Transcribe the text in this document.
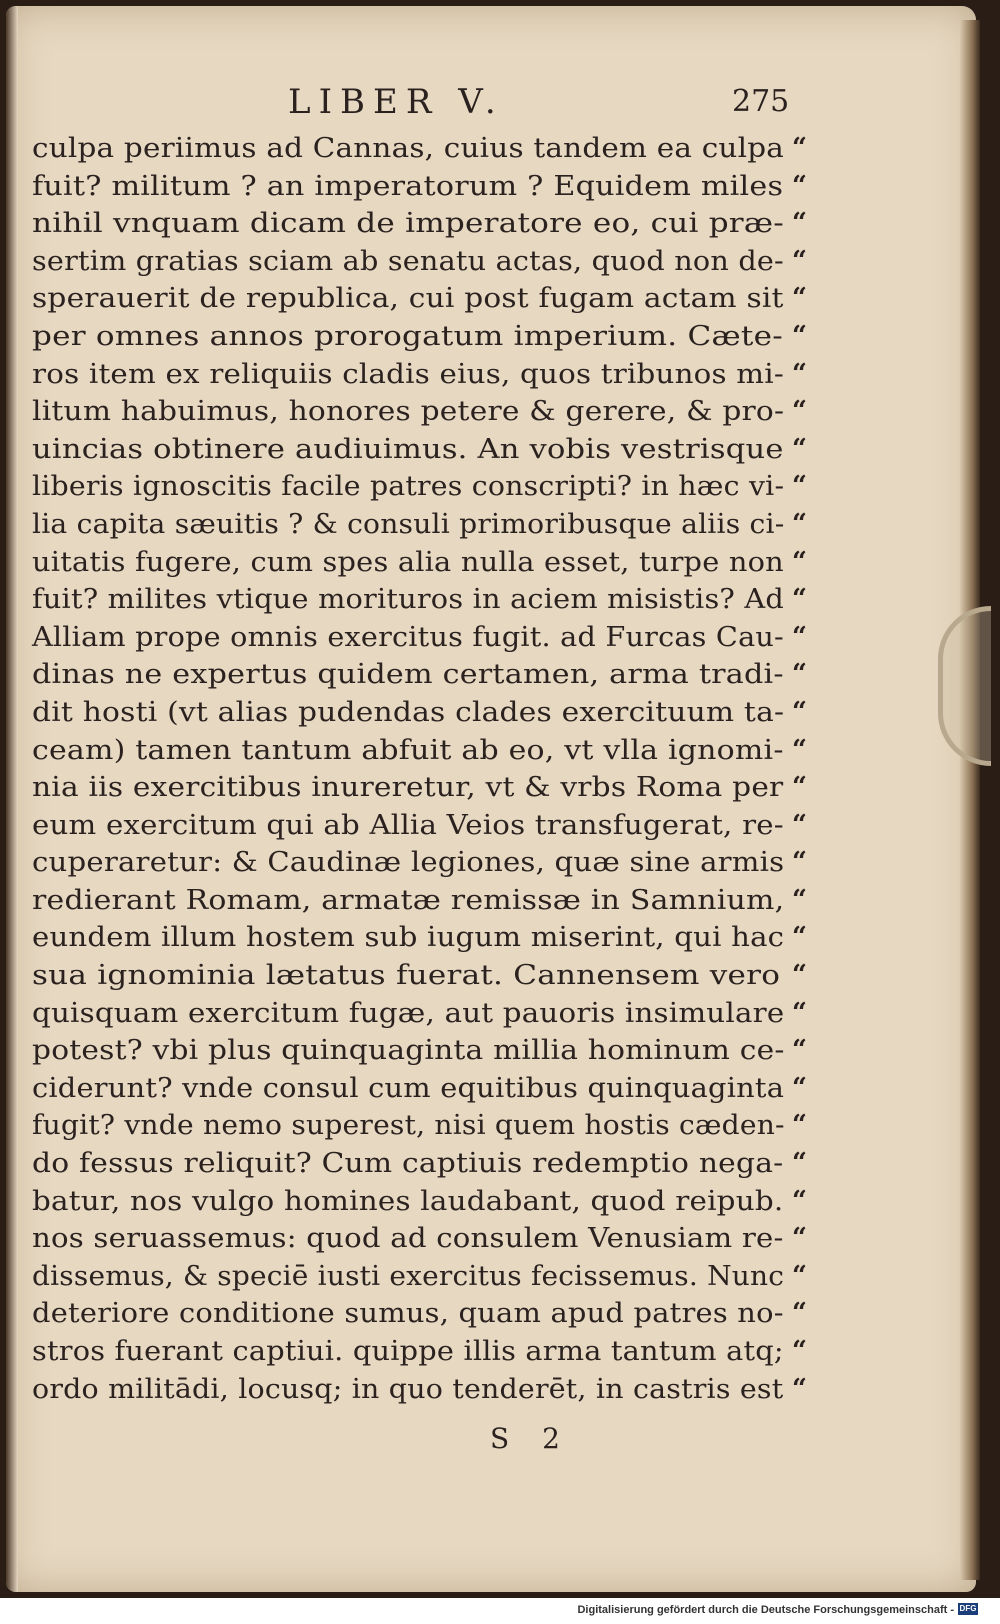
LIBER V.	275
culpa periimus ad Cannas, cuius tandem ea culpa “
fuit? militum ? an imperatorum ? Equidem miles “
nihil vnquam dicam de imperatore eo, cui præ- “
sertim gratias sciam ab senatu actas, quod non de- “
sperauerit de republica, cui post fugam actam sit “
per omnes annos prorogatum imperium. Cæte- “
ros item ex reliquiis cladis eius, quos tribunos mi- “
litum habuimus, honores petere & gerere, & pro- “
uincias obtinere audiuimus. An vobis vestrisque “
liberis ignoscitis facile patres conscripti? in hæc vi- “
lia capita sæuitis ? & consuli primoribusque aliis ci- “
uitatis fugere, cum spes alia nulla esset, turpe non “
fuit? milites vtique morituros in aciem misistis? Ad “
Alliam prope omnis exercitus fugit. ad Furcas Cau- “
dinas ne expertus quidem certamen, arma tradi- “
dit hosti (vt alias pudendas clades exercituum ta- “
ceam) tamen tantum abfuit ab eo, vt vlla ignomi- “
nia iis exercitibus inureretur, vt & vrbs Roma per “
eum exercitum qui ab Allia Veios transfugerat, re- “
cuperaretur: & Caudinæ legiones, quæ sine armis “
redierant Romam, armatæ remissæ in Samnium, “
eundem illum hostem sub iugum miserint, qui hac “
sua ignominia lætatus fuerat. Cannensem vero “
quisquam exercitum fugæ, aut pauoris insimulare “
potest? vbi plus quinquaginta millia hominum ce- “
ciderunt? vnde consul cum equitibus quinquaginta “
fugit? vnde nemo superest, nisi quem hostis cæden- “
do fessus reliquit? Cum captiuis redemptio nega- “
batur, nos vulgo homines laudabant, quod reipub. “
nos seruassemus: quod ad consulem Venusiam re- “
dissemus, & speciē iusti exercitus fecissemus. Nunc “
deteriore conditione sumus, quam apud patres no- “
stros fuerant captiui. quippe illis arma tantum atq; “
ordo militādi, locusq; in quo tenderēt, in castris est “
S 2
Digitalisierung gefördert durch die Deutsche Forschungsgemeinschaft - DFG
